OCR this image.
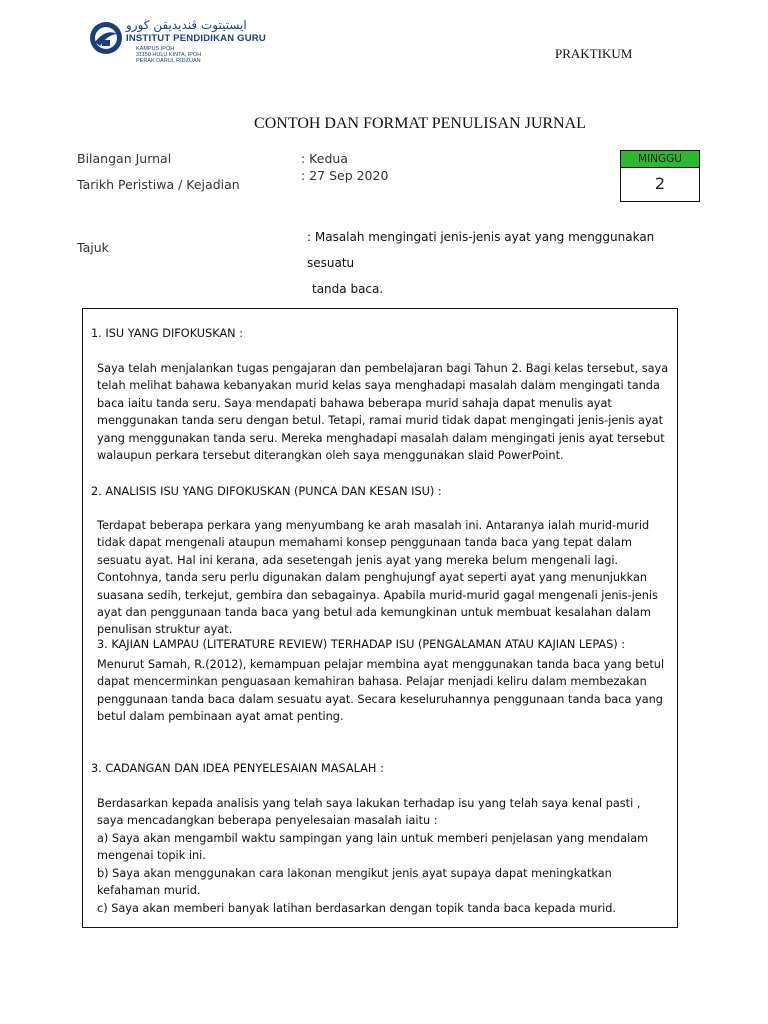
ايستيتوت ڤنديديقن ڬورو
INSTITUT PENDIDIKAN GURU
KAMPUS IPOH
31150 HULU KINTA, IPOH
PERAK DARUL RIDZUAN	PRAKTIKUM
CONTOH DAN FORMAT PENULISAN JURNAL
Bilangan Jurnal	: Kedua
Tarikh Peristiwa / Kejadian
: 27 Sep 2020
Tajuk
MINGGU
2
: Masalah mengingati jenis-jenis ayat yang menggunakan sesuatu
tanda baca.
1. ISU YANG DIFOKUSKAN :
Saya telah menjalankan tugas pengajaran dan pembelajaran bagi Tahun 2. Bagi kelas tersebut, saya telah melihat bahawa kebanyakan murid kelas saya menghadapi masalah dalam mengingati tanda baca iaitu tanda seru. Saya mendapati bahawa beberapa murid sahaja dapat menulis ayat menggunakan tanda seru dengan betul. Tetapi, ramai murid tidak dapat mengingati jenis-jenis ayat yang menggunakan tanda seru. Mereka menghadapi masalah dalam mengingati jenis ayat tersebut walaupun perkara tersebut diterangkan oleh saya menggunakan slaid PowerPoint.
2. ANALISIS ISU YANG DIFOKUSKAN (PUNCA DAN KESAN ISU) :
Terdapat beberapa perkara yang menyumbang ke arah masalah ini. Antaranya ialah murid-murid tidak dapat mengenali ataupun memahami konsep penggunaan tanda baca yang tepat dalam sesuatu ayat. Hal ini kerana, ada sesetengah jenis ayat yang mereka belum mengenali lagi. Contohnya, tanda seru perlu digunakan dalam penghujungf ayat seperti ayat yang menunjukkan suasana sedih, terkejut, gembira dan sebagainya. Apabila murid-murid gagal mengenali jenis-jenis ayat dan penggunaan tanda baca yang betul ada kemungkinan untuk membuat kesalahan dalam penulisan struktur ayat.
3. KAJIAN LAMPAU (LITERATURE REVIEW) TERHADAP ISU (PENGALAMAN ATAU KAJIAN LEPAS) :
Menurut Samah, R.(2012), kemampuan pelajar membina ayat menggunakan tanda baca yang betul dapat mencerminkan penguasaan kemahiran bahasa. Pelajar menjadi keliru dalam membezakan penggunaan tanda baca dalam sesuatu ayat. Secara keseluruhannya penggunaan tanda baca yang betul dalam pembinaan ayat amat penting.
3. CADANGAN DAN IDEA PENYELESAIAN MASALAH :
Berdasarkan kepada analisis yang telah saya lakukan terhadap isu yang telah saya kenal pasti , saya mencadangkan beberapa penyelesaian masalah iaitu :
a) Saya akan mengambil waktu sampingan yang lain untuk memberi penjelasan yang mendalam mengenai topik ini.
b) Saya akan menggunakan cara lakonan mengikut jenis ayat supaya dapat meningkatkan kefahaman murid.
c) Saya akan memberi banyak latihan berdasarkan dengan topik tanda baca kepada murid.
